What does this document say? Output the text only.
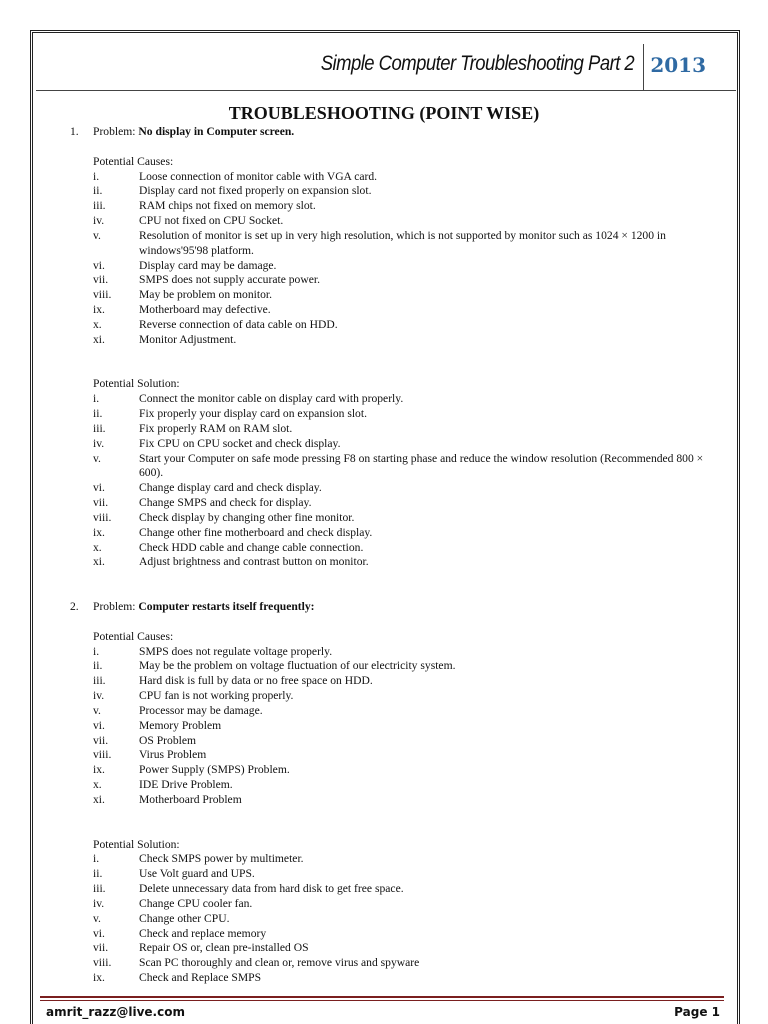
Simple Computer Troubleshooting Part 2 2013
TROUBLESHOOTING (POINT WISE)
1.	Problem: No display in Computer screen.
Potential Causes:
i.	Loose connection of monitor cable with VGA card.
ii.	Display card not fixed properly on expansion slot.
iii.	RAM chips not fixed on memory slot.
iv.	CPU not fixed on CPU Socket.
v.	Resolution of monitor is set up in very high resolution, which is not supported by monitor such as 1024 × 1200 in windows'95'98 platform.
vi.	Display card may be damage.
vii.	SMPS does not supply accurate power.
viii.	May be problem on monitor.
ix.	Motherboard may defective.
x.	Reverse connection of data cable on HDD.
xi.	Monitor Adjustment.
Potential Solution:
i.	Connect the monitor cable on display card with properly.
ii.	Fix properly your display card on expansion slot.
iii.	Fix properly RAM on RAM slot.
iv.	Fix CPU on CPU socket and check display.
v.	Start your Computer on safe mode pressing F8 on starting phase and reduce the window resolution (Recommended 800 × 600).
vi.	Change display card and check display.
vii.	Change SMPS and check for display.
viii.	Check display by changing other fine monitor.
ix.	Change other fine motherboard and check display.
x.	Check HDD cable and change cable connection.
xi.	Adjust brightness and contrast button on monitor.
2.	Problem: Computer restarts itself frequently:
Potential Causes:
i.	SMPS does not regulate voltage properly.
ii.	May be the problem on voltage fluctuation of our electricity system.
iii.	Hard disk is full by data or no free space on HDD.
iv.	CPU fan is not working properly.
v.	Processor may be damage.
vi.	Memory Problem
vii.	OS Problem
viii.	Virus Problem
ix.	Power Supply (SMPS) Problem.
x.	IDE Drive Problem.
xi.	Motherboard Problem
Potential Solution:
i.	Check SMPS power by multimeter.
ii.	Use Volt guard and UPS.
iii.	Delete unnecessary data from hard disk to get free space.
iv.	Change CPU cooler fan.
v.	Change other CPU.
vi.	Check and replace memory
vii.	Repair OS or, clean pre-installed OS
viii.	Scan PC thoroughly and clean or, remove virus and spyware
ix.	Check and Replace SMPS
amrit_razz@live.com	Page 1
